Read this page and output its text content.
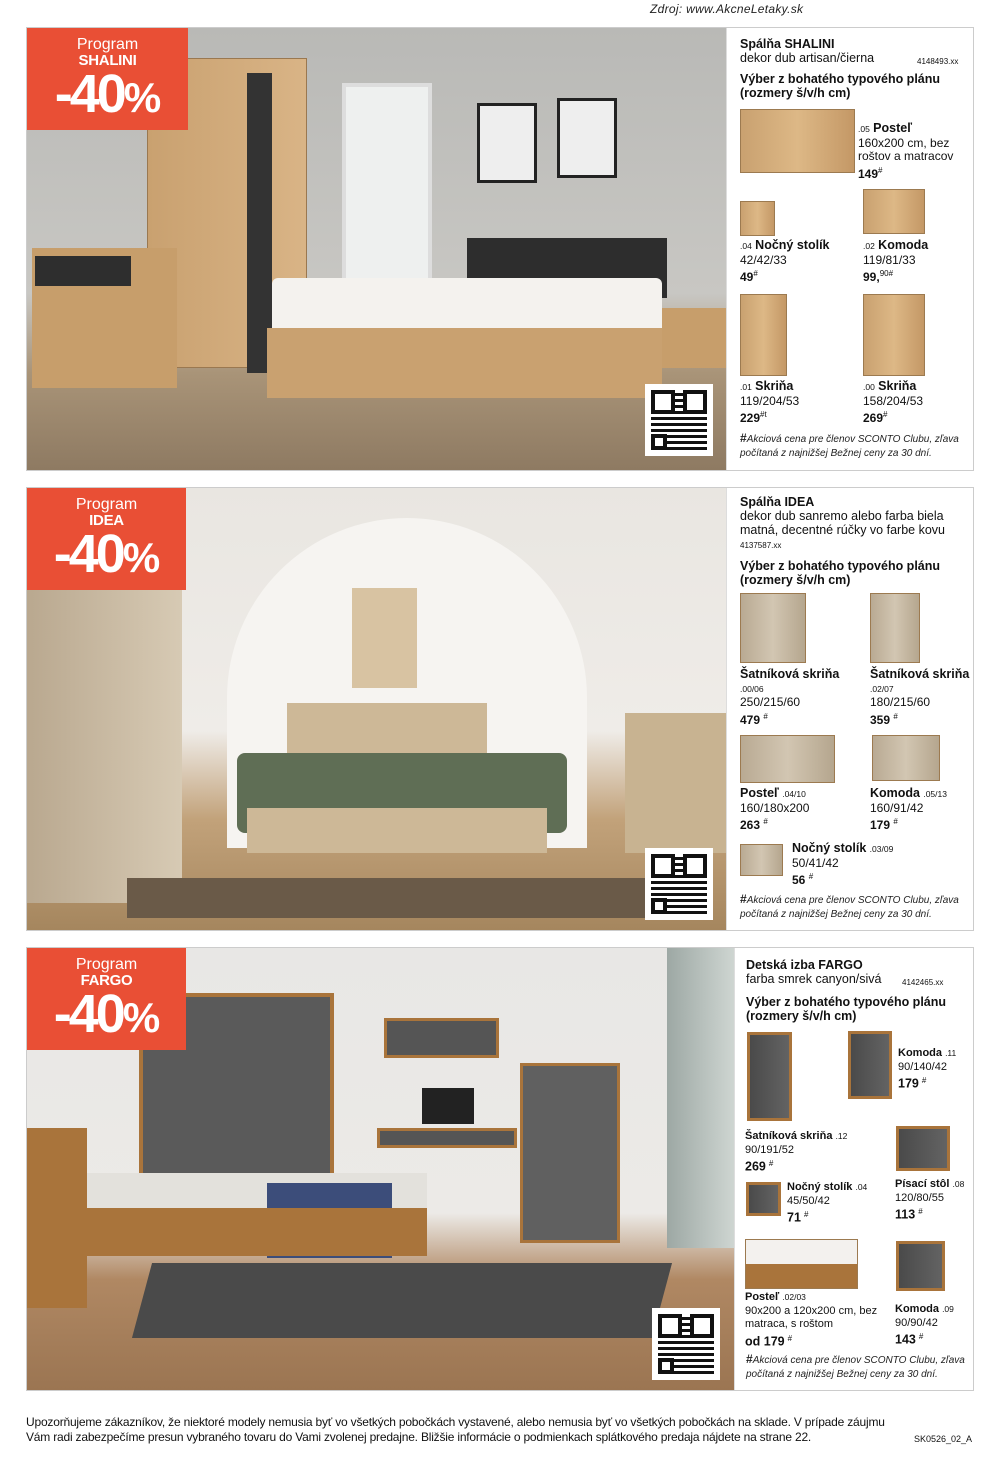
Zdroj: www.AkcneLetaky.sk
Program
SHALINI
-40%
Spálňa SHALINI
dekor dub artisan/čierna	4148493.xx
Výber z bohatého typového plánu (rozmery š/v/h cm)
.05 Posteľ
160x200 cm, bez roštov a matracov
149#
.04 Nočný stolík
42/42/33
49#
.02 Komoda
119/81/33
99,$^{90\#}$
.01 Skriňa
119/204/53
229$^{\#t}$
.00 Skriňa
158/204/53
269#
#Akciová cena pre členov SCONTO Clubu, zľava počítaná z najnižšej Bežnej ceny za 30 dní.
Program
IDEA
-40%
Spálňa IDEA
dekor dub sanremo alebo farba biela matná, decentné rúčky vo farbe kovu
4137587.xx
Výber z bohatého typového plánu (rozmery š/v/h cm)
Šatníková skriňa .00/06
250/215/60
479 #
Šatníková skriňa .02/07
180/215/60
359 #
Posteľ .04/10
160/180x200
263 #
Komoda .05/13
160/91/42
179 #
Nočný stolík .03/09
50/41/42
56 #
#Akciová cena pre členov SCONTO Clubu, zľava počítaná z najnižšej Bežnej ceny za 30 dní.
Program
FARGO
-40%
Detská izba FARGO
farba smrek canyon/sivá	4142465.xx
Výber z bohatého typového plánu (rozmery š/v/h cm)
Komoda .11
90/140/42
179 #
Šatníková skriňa .12
90/191/52
269 #
Nočný stolík .04
45/50/42
71 #
Písací stôl .08
120/80/55
113 #
Posteľ .02/03
90x200 a 120x200 cm, bez matraca, s roštom
od 179 #
Komoda .09
90/90/42
143 #
#Akciová cena pre členov SCONTO Clubu, zľava počítaná z najnižšej Bežnej ceny za 30 dní.
Upozorňujeme zákazníkov, že niektoré modely nemusia byť vo všetkých pobočkách vystavené, alebo nemusia byť vo všetkých pobočkách na sklade. V prípade záujmu Vám radi zabezpečíme presun vybraného tovaru do Vami zvolenej predajne. Bližšie informácie o podmienkach splátkového predaja nájdete na strane 22.	SK0526_02_A
